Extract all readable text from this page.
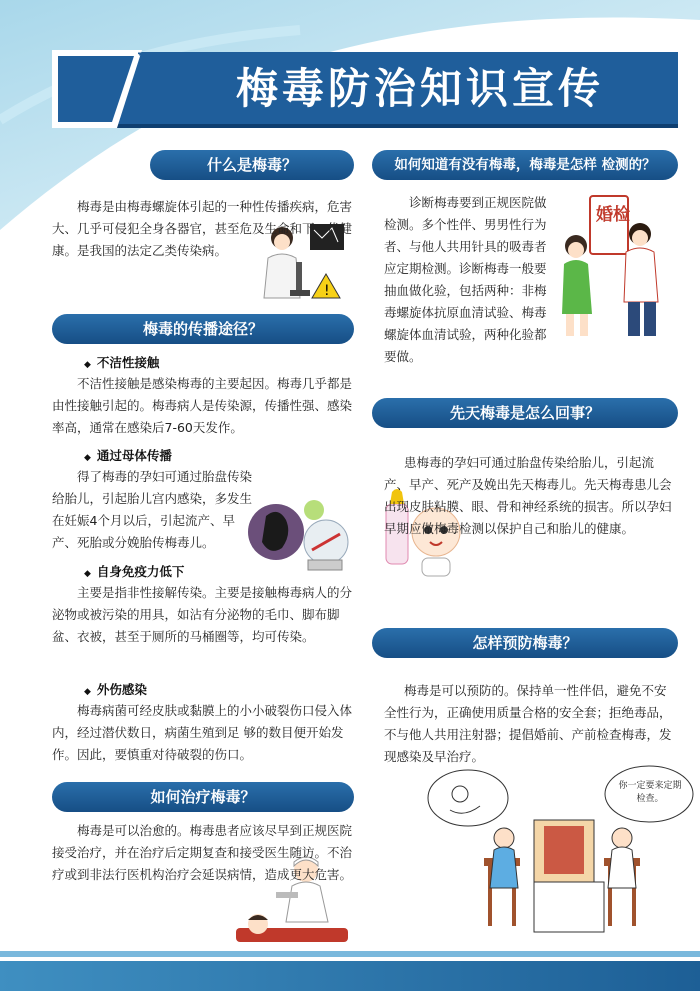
梅毒防治知识宣传
什么是梅毒？

梅毒是由梅毒螺旋体引起的一种性传播疾病，危害大、几乎可侵犯全身各器官，甚至危及生命和下一代健康。是我国的法定乙类传染病。

!
梅毒的传播途径？
◆ 不洁性接触

不洁性接触是感染梅毒的主要起因。梅毒几乎都是由性接触引起的。梅毒病人是传染源，传播性强、感染率高，通常在感染后7-60天发作。

◆ 通过母体传播

得了梅毒的孕妇可通过胎盘传染给胎儿，引起胎儿宫内感染，多发生在妊娠4个月以后，引起流产、早产、死胎或分娩胎传梅毒儿。

◆ 自身免疫力低下

主要是指非性接解传染。主要是接触梅毒病人的分泌物或被污染的用具，如沾有分泌物的毛巾、脚布脚盆、衣被，甚至于厕所的马桶圈等，均可传染。

◆ 外伤感染

梅毒病菌可经皮肤或黏膜上的小小破裂伤口侵入体内，经过潜伏数日，病菌生殖到足 够的数目便开始发作。因此，要慎重对待破裂的伤口。

如何治疗梅毒？

梅毒是可以治愈的。梅毒患者应该尽早到正规医院接受治疗，并在治疗后定期复查和接受医生随访。不治疗或到非法行医机构治疗会延误病情，造成更大危害。

如何知道有没有梅毒，梅毒是怎样 检测的？

诊断梅毒要到正规医院做检测。多个性伴、男男性行为者、与他人共用针具的吸毒者应定期检测。诊断梅毒一般要抽血做化验，包括两种：非梅毒螺旋体抗原血清试验、梅毒螺旋体血清试验，两种化验都要做。

婚检
先天梅毒是怎么回事？

患梅毒的孕妇可通过胎盘传染给胎儿，引起流产、早产、死产及娩出先天梅毒儿。先天梅毒患儿会出现皮肤粘膜、眼、骨和神经系统的损害。所以孕妇早期应做梅毒检测以保护自己和胎儿的健康。

怎样预防梅毒？

梅毒是可以预防的。保持单一性伴侣，避免不安全性行为，正确使用质量合格的安全套；拒绝毒品，不与他人共用注射器；提倡婚前、产前检查梅毒，发现感染及早治疗。

你一定要来定期检查。
